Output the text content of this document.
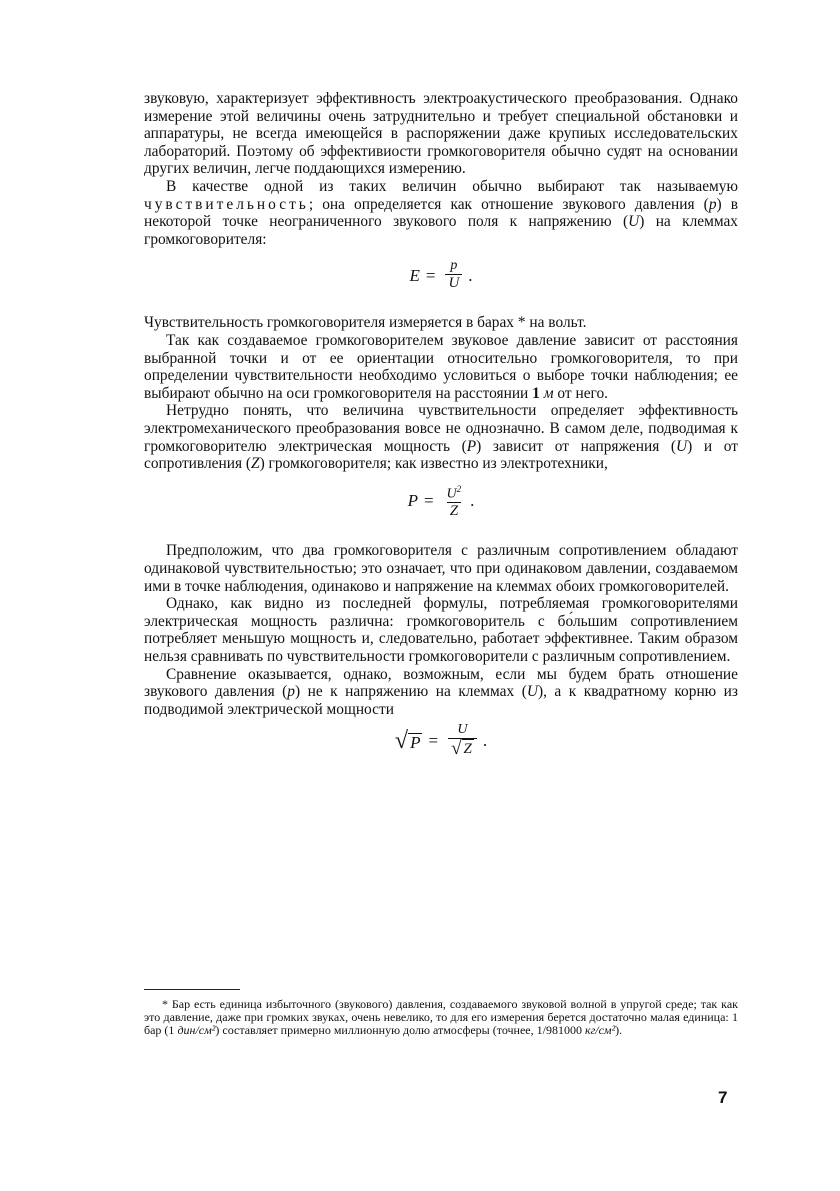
звуковую, характеризует эффективность электроакустического преобразования. Однако измерение этой величины очень затруднительно и требует специальной обстановки и аппаратуры, не всегда имеющейся в распоряжении даже крупиых исследовательских лабораторий. Поэтому об эффективиости громкоговорителя обычно судят на основании других величин, легче поддающихся измерению.

В качестве одной из таких величин обычно выбирают так называемую чувствительность; она определяется как отношение звукового давления (p) в некоторой точке неограниченного звукового поля к напряжению (U) на клеммах громкоговорителя:

$E = \frac{p}{U}$ .

Чувствительность громкоговорителя измеряется в барах * на вольт.

Так как создаваемое громкоговорителем звуковое давление зависит от расстояния выбранной точки и от ее ориентации относительно громкоговорителя, то при определении чувствительности необходимо условиться о выборе точки наблюдения; ее выбирают обычно на оси громкоговорителя на расстоянии 1 м от него.

Нетрудно понять, что величина чувствительности определяет эффективность электромеханического преобразования вовсе не однозначно. В самом деле, подводимая к громкоговорителю электрическая мощность (P) зависит от напряжения (U) и от сопротивления (Z) громкоговорителя; как известно из электротехники,

$P = \frac{U^2}{Z}$ .

Предположим, что два громкоговорителя с различным сопротивлением обладают одинаковой чувствительностью; это означает, что при одинаковом давлении, создаваемом ими в точке наблюдения, одинаково и напряжение на клеммах обоих громкоговорителей.

Однако, как видно из последней формулы, потребляемая громкоговорителями электрическая мощность различна: громкоговоритель с бо́льшим сопротивлением потребляет меньшую мощность и, следовательно, работает эффективнее. Таким образом нельзя сравнивать по чувствительности громкоговорители с различным сопротивлением.

Сравнение оказывается, однако, возможным, если мы будем брать отношение звукового давления (p) не к напряжению на клеммах (U), а к квадратному корню из подводимой электрической мощности

√ $P = \frac{U}{√ Z}$ .

* Бар есть единица избыточного (звукового) давления, создаваемого звуковой волной в упругой среде; так как это давление, даже при громких звуках, очень невелико, то для его измерения берется достаточно малая единица: 1 бар (1 дин/см²) составляет примерно миллионную долю атмосферы (точнее, 1/981000 кг/см²).

7
